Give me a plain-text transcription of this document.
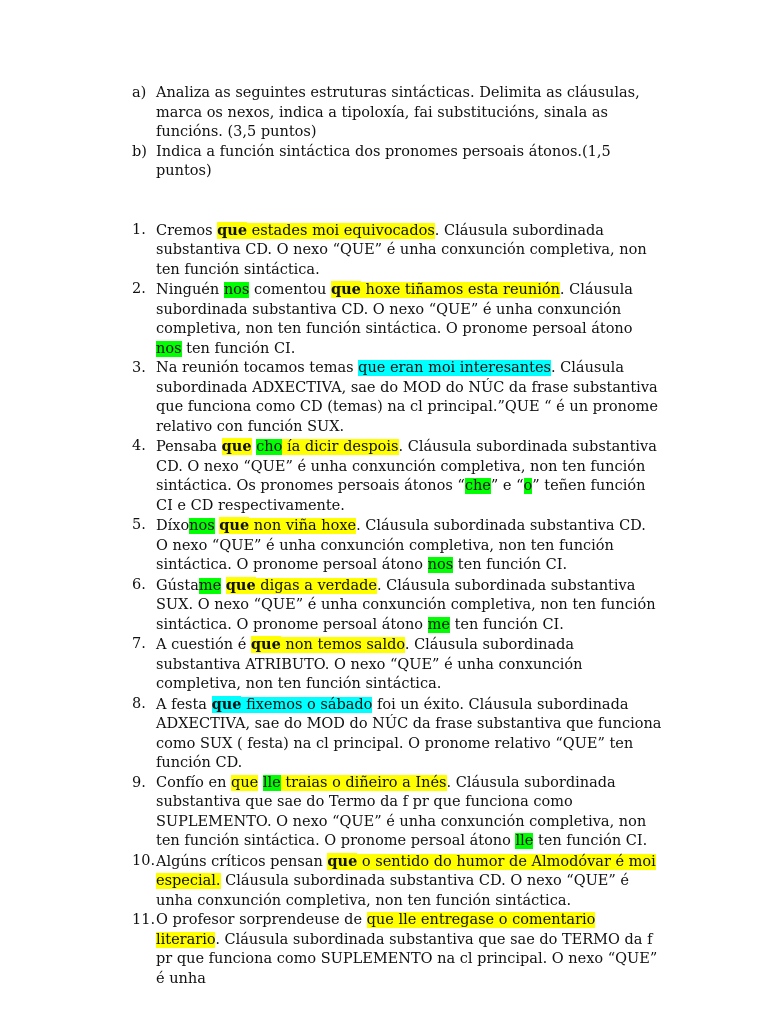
a) Analiza as seguintes estruturas sintácticas. Delimita as cláusulas, marca os nexos, indica a tipoloxía, fai substitucións, sinala as funcións. (3,5 puntos)
b) Indica a función sintáctica dos pronomes persoais átonos.(1,5 puntos)
1. Cremos que estades moi equivocados. Cláusula subordinada substantiva CD. O nexo “QUE” é unha conxunción completiva, non ten función sintáctica.
2. Ninguén nos comentou que hoxe tiñamos esta reunión. Cláusula subordinada substantiva CD. O nexo “QUE” é unha conxunción completiva, non ten función sintáctica. O pronome persoal átono nos ten función CI.
3. Na reunión tocamos temas que eran moi interesantes. Cláusula subordinada ADXECTIVA, sae do MOD do NÚC da frase substantiva que funciona como CD (temas) na cl principal.”QUE “ é un pronome relativo con función SUX.
4. Pensaba que cho ía dicir despois. Cláusula subordinada substantiva CD. O nexo “QUE” é unha conxunción completiva, non ten función sintáctica. Os pronomes persoais átonos “che” e “o” teñen función CI e CD respectivamente.
5. Díxonos que non viña hoxe. Cláusula subordinada substantiva CD. O nexo “QUE” é unha conxunción completiva, non ten función sintáctica. O pronome persoal átono nos ten función CI.
6. Gústame que digas a verdade. Cláusula subordinada substantiva SUX. O nexo “QUE” é unha conxunción completiva, non ten función sintáctica. O pronome persoal átono me ten función CI.
7. A cuestión é que non temos saldo. Cláusula subordinada substantiva ATRIBUTO. O nexo “QUE” é unha conxunción completiva, non ten función sintáctica.
8. A festa que fixemos o sábado foi un éxito. Cláusula subordinada ADXECTIVA, sae do MOD do NÚC da frase substantiva que funciona como SUX ( festa) na cl principal. O pronome relativo “QUE” ten función CD.
9. Confío en que lle traias o diñeiro a Inés. Cláusula subordinada substantiva que sae do Termo da f pr que funciona como SUPLEMENTO. O nexo “QUE” é unha conxunción completiva, non ten función sintáctica. O pronome persoal átono lle ten función CI.
10. Algúns críticos pensan que o sentido do humor de Almodóvar é moi especial. Cláusula subordinada substantiva CD. O nexo “QUE” é unha conxunción completiva, non ten función sintáctica.
11. O profesor sorprendeuse de que lle entregase o comentario literario. Cláusula subordinada substantiva que sae do TERMO da f pr que funciona como SUPLEMENTO na cl principal. O nexo “QUE” é unha
